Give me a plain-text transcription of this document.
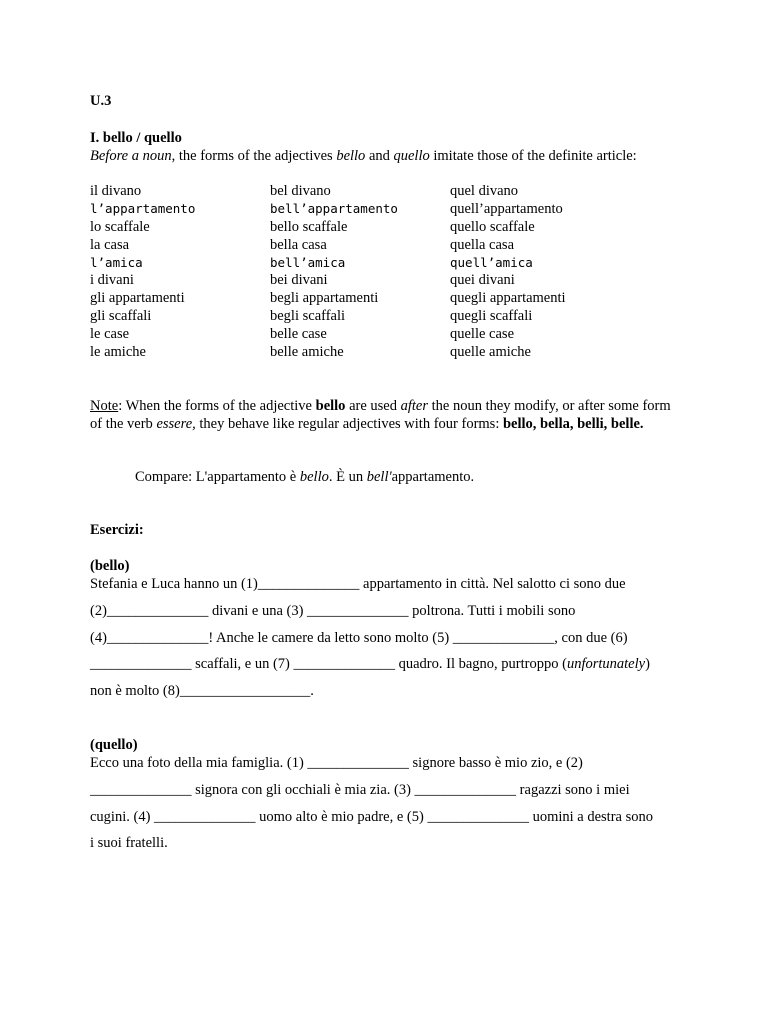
U.3
I. bello / quello
Before a noun, the forms of the adjectives bello and quello imitate those of the definite article:
il divano	bel divano	quel divano
l’appartamento	bell’appartamento	quell’appartamento
lo scaffale	bello scaffale	quello scaffale
la casa	bella casa	quella casa
l’amica	bell’amica	quell’amica
i divani	bei divani	quei divani
gli appartamenti	begli appartamenti	quegli appartamenti
gli scaffali	begli scaffali	quegli scaffali
le case	belle case	quelle case
le amiche	belle amiche	quelle amiche
Note: When the forms of the adjective bello are used after the noun they modify, or after some form of the verb essere, they behave like regular adjectives with four forms: bello, bella, belli, belle.
Compare: L'appartamento è bello. È un bell'appartamento.
Esercizi:
(bello)
Stefania e Luca hanno un (1)______________ appartamento in città. Nel salotto ci sono due
(2)______________ divani e una (3) ______________ poltrona. Tutti i mobili sono
(4)______________! Anche le camere da letto sono molto (5) ______________, con due (6)
______________ scaffali, e un (7) ______________ quadro. Il bagno, purtroppo (unfortunately)
non è molto (8)__________________.
(quello)
Ecco una foto della mia famiglia. (1) ______________ signore basso è mio zio, e (2)
______________ signora con gli occhiali è mia zia. (3) ______________ ragazzi sono i miei
cugini. (4) ______________ uomo alto è mio padre, e (5) ______________ uomini a destra sono
i suoi fratelli.
